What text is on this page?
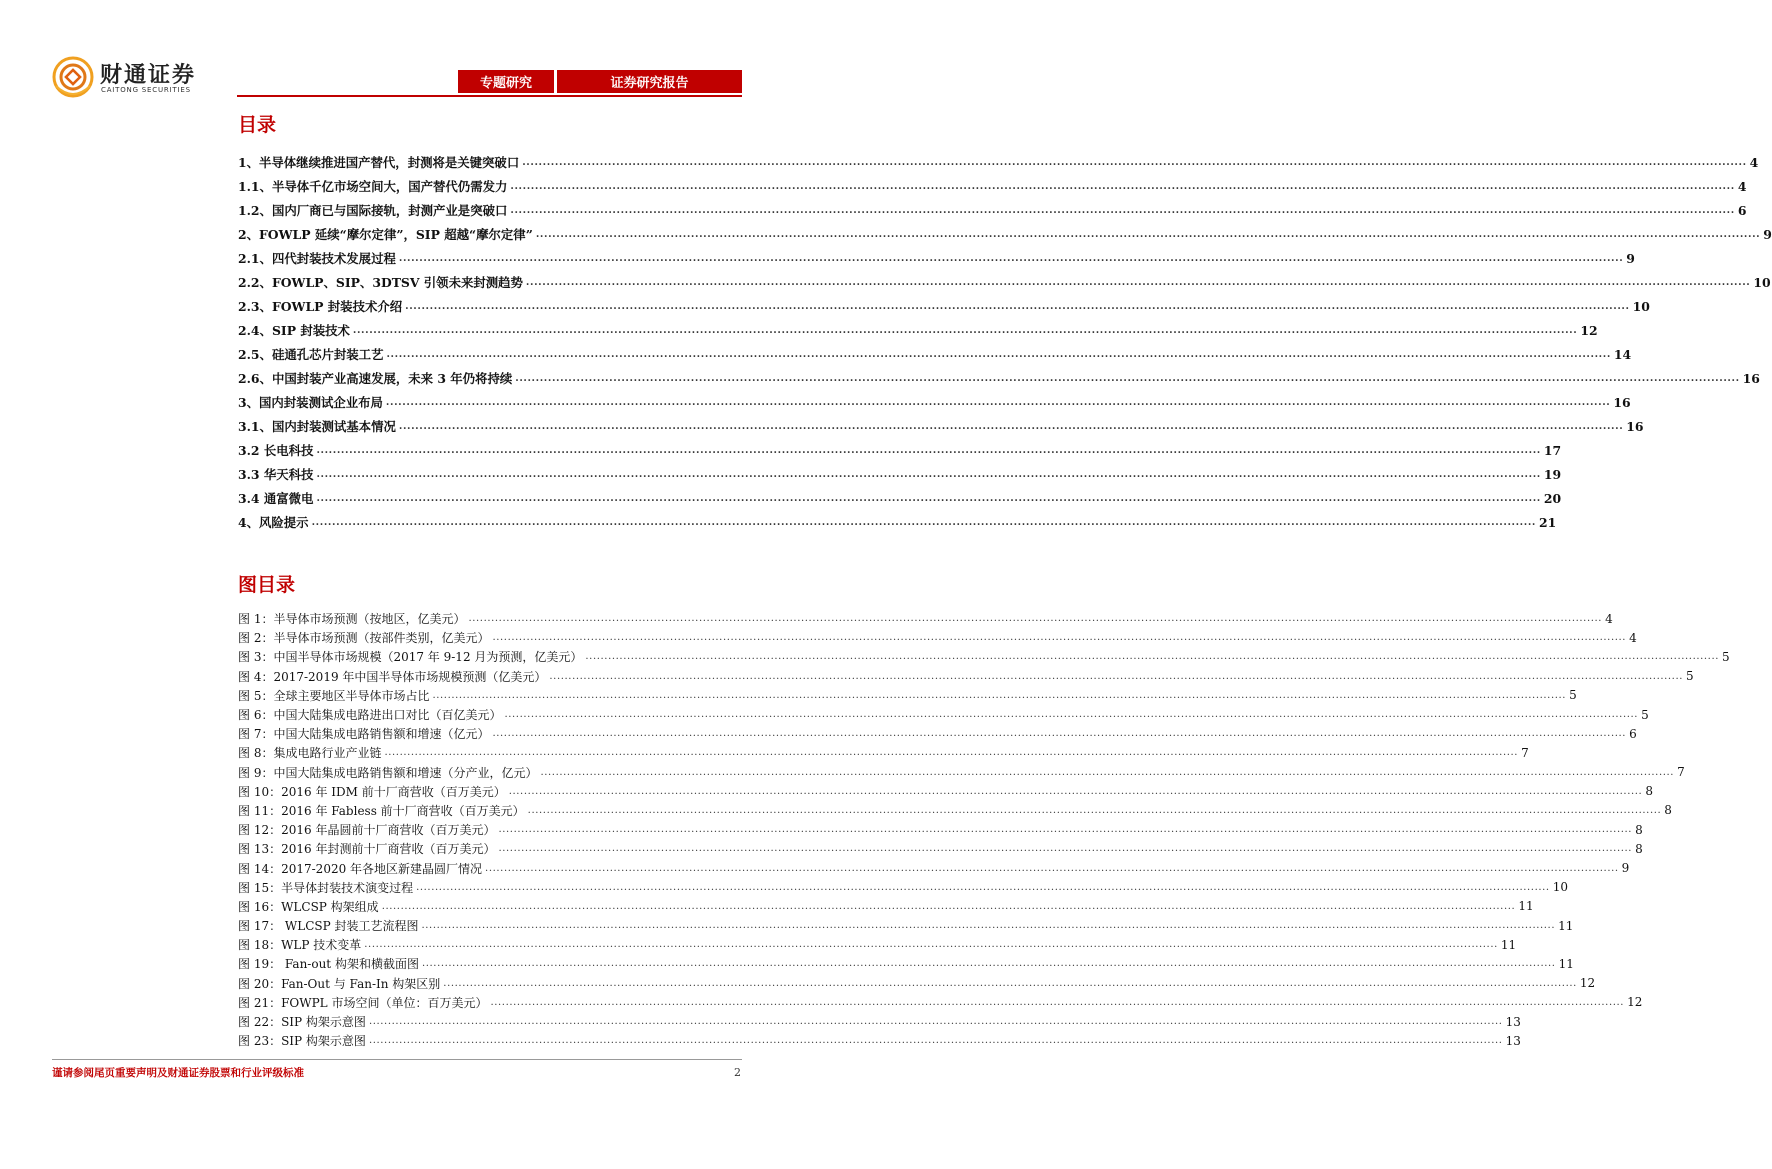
财通证券
CAITONG SECURITIES	专题研究	证券研究报告
目录
1、半导体继续推进国产替代，封测将是关键突破口 ............................................................................................................................................................................................................................................................................................................ 4
1.1、半导体千亿市场空间大，国产替代仍需发力 ............................................................................................................................................................................................................................................................................................................ 4
1.2、国内厂商已与国际接轨，封测产业是突破口 ............................................................................................................................................................................................................................................................................................................ 6
2、FOWLP 延续“摩尔定律”，SIP 超越“摩尔定律” ............................................................................................................................................................................................................................................................................................................ 9
2.1、四代封装技术发展过程 ............................................................................................................................................................................................................................................................................................................ 9
2.2、FOWLP、SIP、3DTSV 引领未来封测趋势 ............................................................................................................................................................................................................................................................................................................ 10
2.3、FOWLP 封装技术介绍 ............................................................................................................................................................................................................................................................................................................ 10
2.4、SIP 封装技术 ............................................................................................................................................................................................................................................................................................................ 12
2.5、硅通孔芯片封装工艺 ............................................................................................................................................................................................................................................................................................................ 14
2.6、中国封装产业高速发展，未来 3 年仍将持续 ............................................................................................................................................................................................................................................................................................................ 16
3、国内封装测试企业布局 ............................................................................................................................................................................................................................................................................................................ 16
3.1、国内封装测试基本情况 ............................................................................................................................................................................................................................................................................................................ 16
3.2 长电科技 ............................................................................................................................................................................................................................................................................................................ 17
3.3 华天科技 ............................................................................................................................................................................................................................................................................................................ 19
3.4 通富微电 ............................................................................................................................................................................................................................................................................................................ 20
4、风险提示 ............................................................................................................................................................................................................................................................................................................ 21
图目录
图 1：半导体市场预测（按地区，亿美元） ............................................................................................................................................................................................................................................................................................................ 4
图 2：半导体市场预测（按部件类别，亿美元） ............................................................................................................................................................................................................................................................................................................ 4
图 3：中国半导体市场规模（2017 年 9-12 月为预测，亿美元） ............................................................................................................................................................................................................................................................................................................ 5
图 4：2017-2019 年中国半导体市场规模预测（亿美元） ............................................................................................................................................................................................................................................................................................................ 5
图 5：全球主要地区半导体市场占比 ............................................................................................................................................................................................................................................................................................................ 5
图 6：中国大陆集成电路进出口对比（百亿美元） ............................................................................................................................................................................................................................................................................................................ 5
图 7：中国大陆集成电路销售额和增速（亿元） ............................................................................................................................................................................................................................................................................................................ 6
图 8：集成电路行业产业链 ............................................................................................................................................................................................................................................................................................................ 7
图 9：中国大陆集成电路销售额和增速（分产业，亿元） ............................................................................................................................................................................................................................................................................................................ 7
图 10：2016 年 IDM 前十厂商营收（百万美元） ............................................................................................................................................................................................................................................................................................................ 8
图 11：2016 年 Fabless 前十厂商营收（百万美元） ............................................................................................................................................................................................................................................................................................................ 8
图 12：2016 年晶圆前十厂商营收（百万美元） ............................................................................................................................................................................................................................................................................................................ 8
图 13：2016 年封测前十厂商营收（百万美元） ............................................................................................................................................................................................................................................................................................................ 8
图 14：2017-2020 年各地区新建晶圆厂情况 ............................................................................................................................................................................................................................................................................................................ 9
图 15：半导体封装技术演变过程 ............................................................................................................................................................................................................................................................................................................ 10
图 16：WLCSP 构架组成 ............................................................................................................................................................................................................................................................................................................ 11
图 17： WLCSP 封装工艺流程图 ............................................................................................................................................................................................................................................................................................................ 11
图 18：WLP 技术变革 ............................................................................................................................................................................................................................................................................................................ 11
图 19： Fan-out 构架和横截面图 ............................................................................................................................................................................................................................................................................................................ 11
图 20：Fan-Out 与 Fan-In 构架区别 ............................................................................................................................................................................................................................................................................................................ 12
图 21：FOWPL 市场空间（单位：百万美元） ............................................................................................................................................................................................................................................................................................................ 12
图 22：SIP 构架示意图 ............................................................................................................................................................................................................................................................................................................ 13
图 23：SIP 构架示意图 ............................................................................................................................................................................................................................................................................................................ 13
谨请参阅尾页重要声明及财通证券股票和行业评级标准	2
